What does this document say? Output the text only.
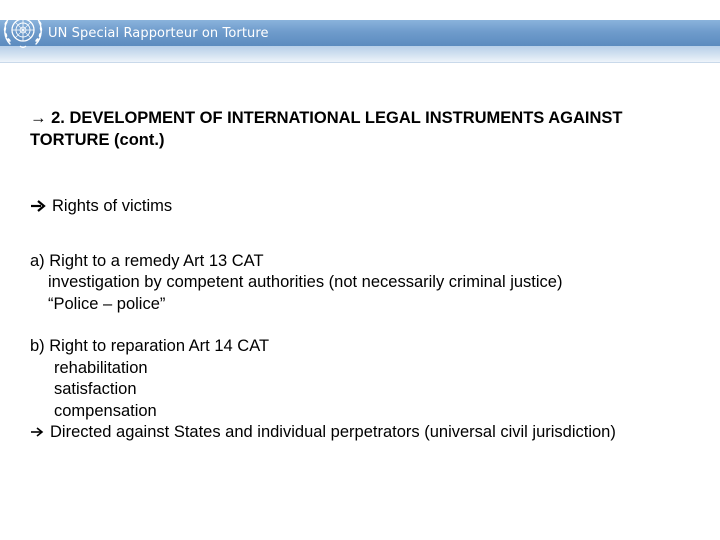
UN Special Rapporteur on Torture

→ 2. DEVELOPMENT OF INTERNATIONAL LEGAL INSTRUMENTS AGAINST TORTURE (cont.)

Rights of victims
a) Right to a remedy Art 13 CAT
investigation by competent authorities (not necessarily criminal justice)
“Police – police”
b) Right to reparation Art 14 CAT
rehabilitation
satisfaction
compensation
Directed against States and individual perpetrators (universal civil jurisdiction)
